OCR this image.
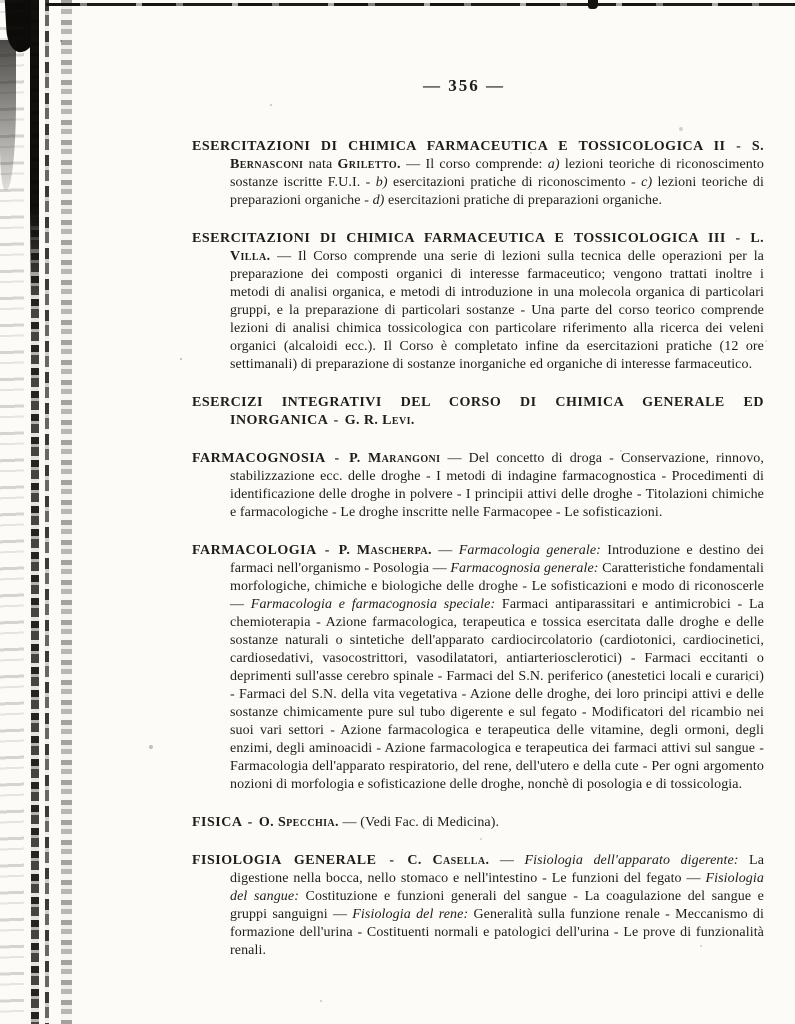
— 356 —

ESERCITAZIONI DI CHIMICA FARMACEUTICA E TOSSICOLOGICA II - S. Bernasconi nata Griletto. — Il corso comprende: a) lezioni teoriche di riconoscimento sostanze iscritte F.U.I. - b) esercitazioni pratiche di riconoscimento - c) lezioni teoriche di preparazioni organiche - d) esercitazioni pratiche di preparazioni organiche.

ESERCITAZIONI DI CHIMICA FARMACEUTICA E TOSSICOLOGICA III - L. Villa. — Il Corso comprende una serie di lezioni sulla tecnica delle operazioni per la preparazione dei composti organici di interesse farmaceutico; vengono trattati inoltre i metodi di analisi organica, e metodi di introduzione in una molecola organica di particolari gruppi, e la preparazione di particolari sostanze - Una parte del corso teorico comprende lezioni di analisi chimica tossicologica con particolare riferimento alla ricerca dei veleni organici (alcaloidi ecc.). Il Corso è completato infine da esercitazioni pratiche (12 ore settimanali) di preparazione di sostanze inorganiche ed organiche di interesse farmaceutico.

ESERCIZI INTEGRATIVI DEL CORSO DI CHIMICA GENERALE ED INORGANICA - G. R. Levi.

FARMACOGNOSIA - P. Marangoni — Del concetto di droga - Conservazione, rinnovo, stabilizzazione ecc. delle droghe - I metodi di indagine farmacognostica - Procedimenti di identificazione delle droghe in polvere - I principii attivi delle droghe - Titolazioni chimiche e farmacologiche - Le droghe inscritte nelle Farmacopee - Le sofisticazioni.

FARMACOLOGIA - P. Mascherpa. — Farmacologia generale: Introduzione e destino dei farmaci nell'organismo - Posologia — Farmacognosia generale: Caratteristiche fondamentali morfologiche, chimiche e biologiche delle droghe - Le sofisticazioni e modo di riconoscerle — Farmacologia e farmacognosia speciale: Farmaci antiparassitari e antimicrobici - La chemioterapia - Azione farmacologica, terapeutica e tossica esercitata dalle droghe e delle sostanze naturali o sintetiche dell'apparato cardiocircolatorio (cardiotonici, cardiocinetici, cardiosedativi, vasocostrittori, vasodilatatori, antiarteriosclerotici) - Farmaci eccitanti o deprimenti sull'asse cerebro spinale - Farmaci del S.N. periferico (anestetici locali e curarici) - Farmaci del S.N. della vita vegetativa - Azione delle droghe, dei loro principi attivi e delle sostanze chimicamente pure sul tubo digerente e sul fegato - Modificatori del ricambio nei suoi vari settori - Azione farmacologica e terapeutica delle vitamine, degli ormoni, degli enzimi, degli aminoacidi - Azione farmacologica e terapeutica dei farmaci attivi sul sangue - Farmacologia dell'apparato respiratorio, del rene, dell'utero e della cute - Per ogni argomento nozioni di morfologia e sofisticazione delle droghe, nonchè di posologia e di tossicologia.

FISICA - O. Specchia. — (Vedi Fac. di Medicina).

FISIOLOGIA GENERALE - C. Casella. — Fisiologia dell'apparato digerente: La digestione nella bocca, nello stomaco e nell'intestino - Le funzioni del fegato — Fisiologia del sangue: Costituzione e funzioni generali del sangue - La coagulazione del sangue e gruppi sanguigni — Fisiologia del rene: Generalità sulla funzione renale - Meccanismo di formazione dell'urina - Costituenti normali e patologici dell'urina - Le prove di funzionalità renali.
